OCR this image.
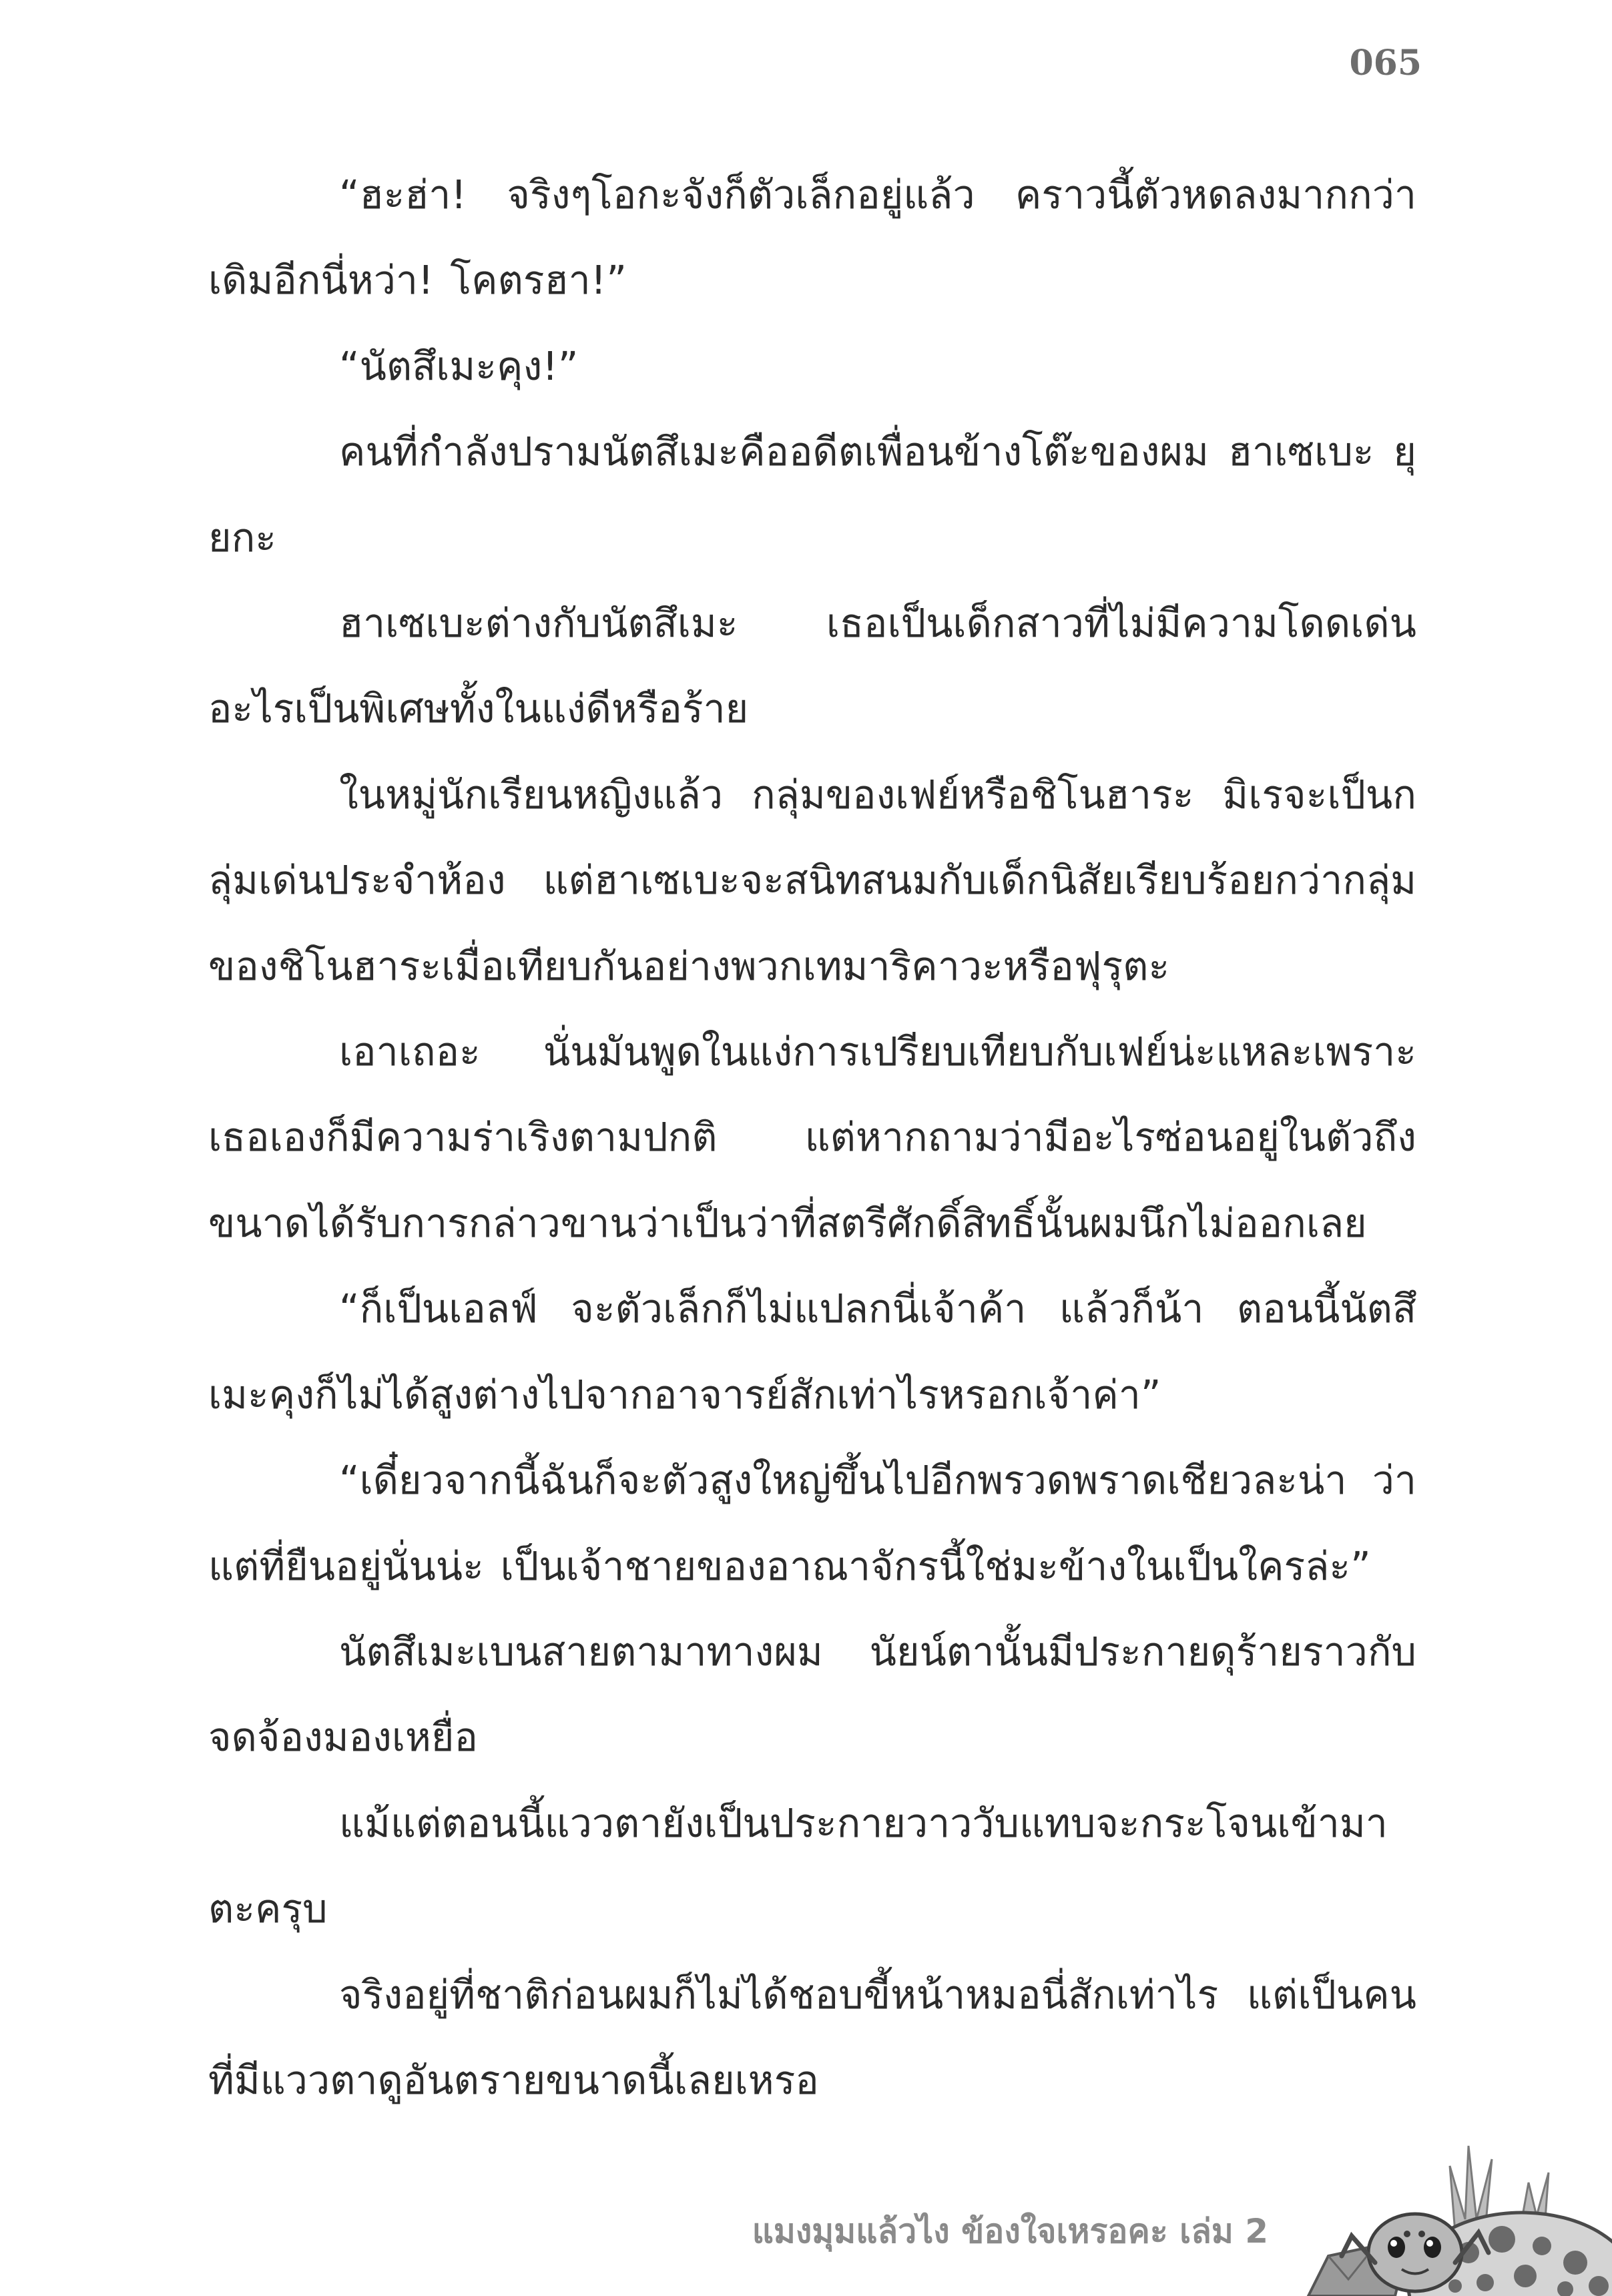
065

“ฮะฮ่า! จริงๆโอกะจังก็ตัวเล็กอยู่แล้ว คราวนี้ตัวหดลงมากกว่าเดิมอีกนี่หว่า! โคตรฮา!”

“นัตสึเมะคุง!”

คนที่กำลังปรามนัตสึเมะคืออดีตเพื่อนข้างโต๊ะของผม ฮาเซเบะ ยุยกะ

ฮาเซเบะต่างกับนัตสึเมะ เธอเป็นเด็กสาวที่ไม่มีความโดดเด่นอะไรเป็นพิเศษทั้งในแง่ดีหรือร้าย

ในหมู่นักเรียนหญิงแล้ว กลุ่มของเฟย์หรือชิโนฮาระ มิเรจะเป็นกลุ่มเด่นประจำห้อง แต่ฮาเซเบะจะสนิทสนมกับเด็กนิสัยเรียบร้อยกว่ากลุ่มของชิโนฮาระเมื่อเทียบกันอย่างพวกเทมาริคาวะหรือฟุรุตะ

เอาเถอะ นั่นมันพูดในแง่การเปรียบเทียบกับเฟย์น่ะแหละเพราะเธอเองก็มีความร่าเริงตามปกติ แต่หากถามว่ามีอะไรซ่อนอยู่ในตัวถึงขนาดได้รับการกล่าวขานว่าเป็นว่าที่สตรีศักดิ์สิทธิ์นั้นผมนึกไม่ออกเลย

“ก็เป็นเอลฟ์ จะตัวเล็กก็ไม่แปลกนี่เจ้าค้า แล้วก็น้า ตอนนี้นัตสึเมะคุงก็ไม่ได้สูงต่างไปจากอาจารย์สักเท่าไรหรอกเจ้าค่า”

“เดี๋ยวจากนี้ฉันก็จะตัวสูงใหญ่ขึ้นไปอีกพรวดพราดเชียวละน่า ว่าแต่ที่ยืนอยู่นั่นน่ะ เป็นเจ้าชายของอาณาจักรนี้ใช่มะข้างในเป็นใครล่ะ”

นัตสึเมะเบนสายตามาทางผม นัยน์ตานั้นมีประกายดุร้ายราวกับจดจ้องมองเหยื่อ

แม้แต่ตอนนี้แววตายังเป็นประกายวาววับแทบจะกระโจนเข้ามาตะครุบ

จริงอยู่ที่ชาติก่อนผมก็ไม่ได้ชอบขี้หน้าหมอนี่สักเท่าไร แต่เป็นคนที่มีแววตาดูอันตรายขนาดนี้เลยเหรอ

แมงมุมแล้วไง ข้องใจเหรอคะ เล่ม 2
